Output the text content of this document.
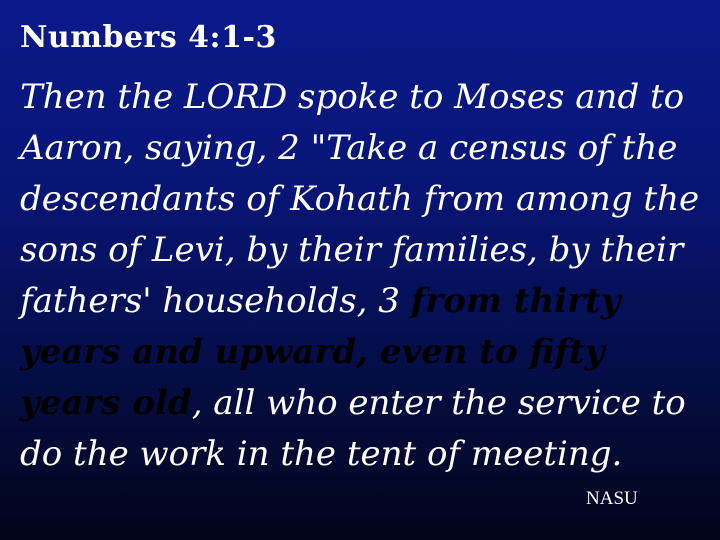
Numbers 4:1-3

Then the LORD spoke to Moses and to Aaron, saying, 2 "Take a census of the descendants of Kohath from among the sons of Levi, by their families, by their fathers' households, 3 from thirty years and upward, even to fifty years old, all who enter the service to do the work in the tent of meeting.

NASU
